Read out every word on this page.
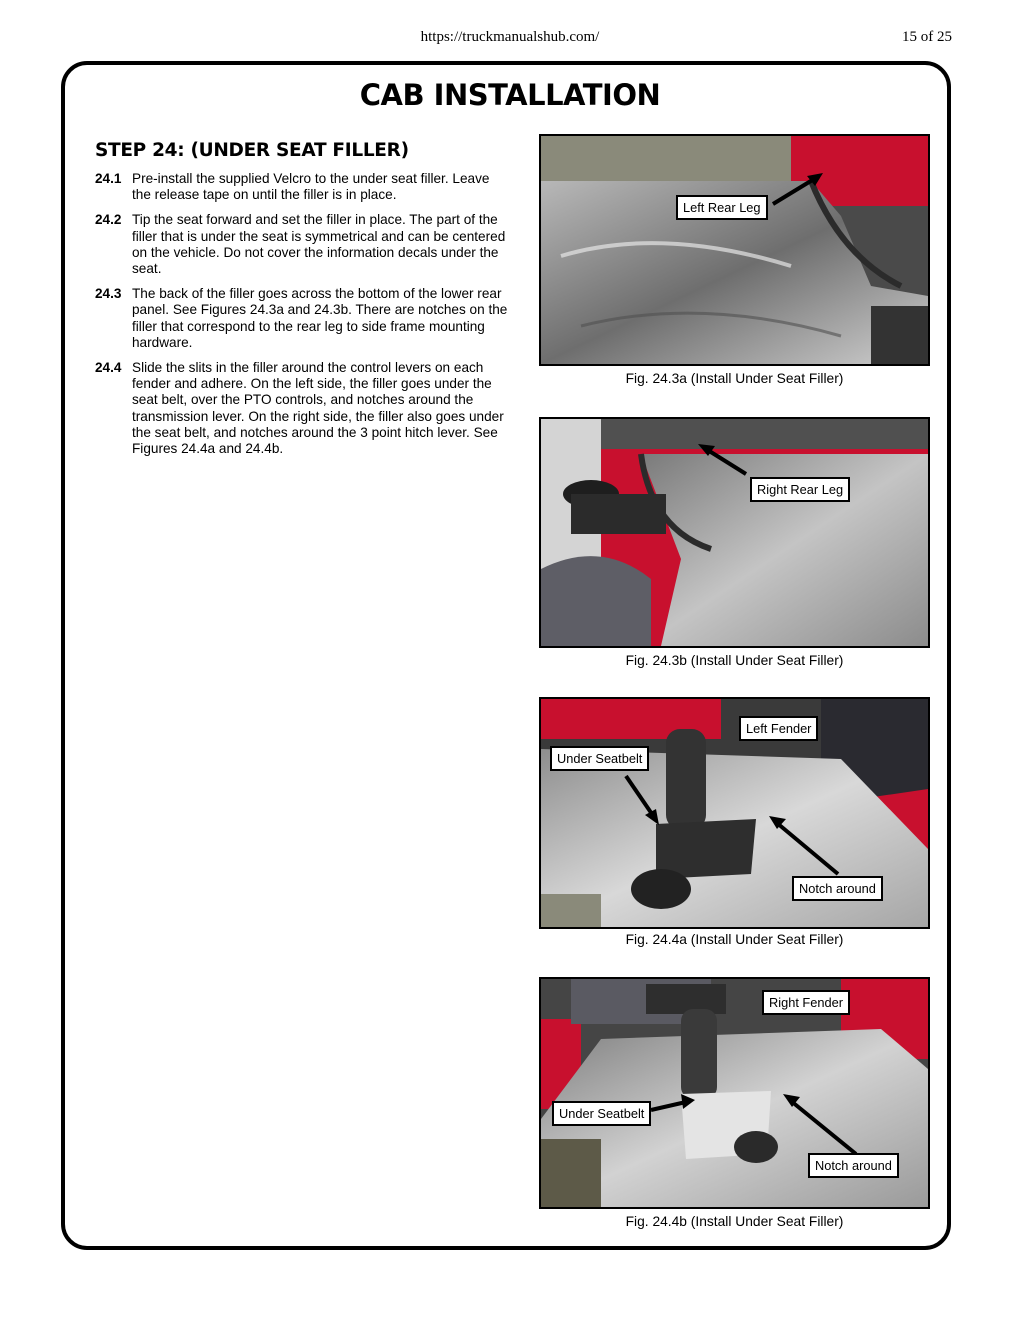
https://truckmanualshub.com/	15 of 25
CAB INSTALLATION
STEP 24: (UNDER SEAT FILLER)
24.1 Pre-install the supplied Velcro to the under seat filler. Leave the release tape on until the filler is in place.
24.2 Tip the seat forward and set the filler in place. The part of the filler that is under the seat is symmetrical and can be centered on the vehicle. Do not cover the information decals under the seat.
24.3 The back of the filler goes across the bottom of the lower rear panel. See Figures 24.3a and 24.3b. There are notches on the filler that correspond to the rear leg to side frame mounting hardware.
24.4 Slide the slits in the filler around the control levers on each fender and adhere. On the left side, the filler goes under the seat belt, over the PTO controls, and notches around the transmission lever. On the right side, the filler also goes under the seat belt, and notches around the 3 point hitch lever. See Figures 24.4a and 24.4b.
Left Rear Leg
Fig. 24.3a (Install Under Seat Filler)
Right Rear Leg
Fig. 24.3b (Install Under Seat Filler)
Left Fender
Under Seatbelt
Notch around
Fig. 24.4a (Install Under Seat Filler)
Right Fender
Under Seatbelt
Notch around
Fig. 24.4b (Install Under Seat Filler)
